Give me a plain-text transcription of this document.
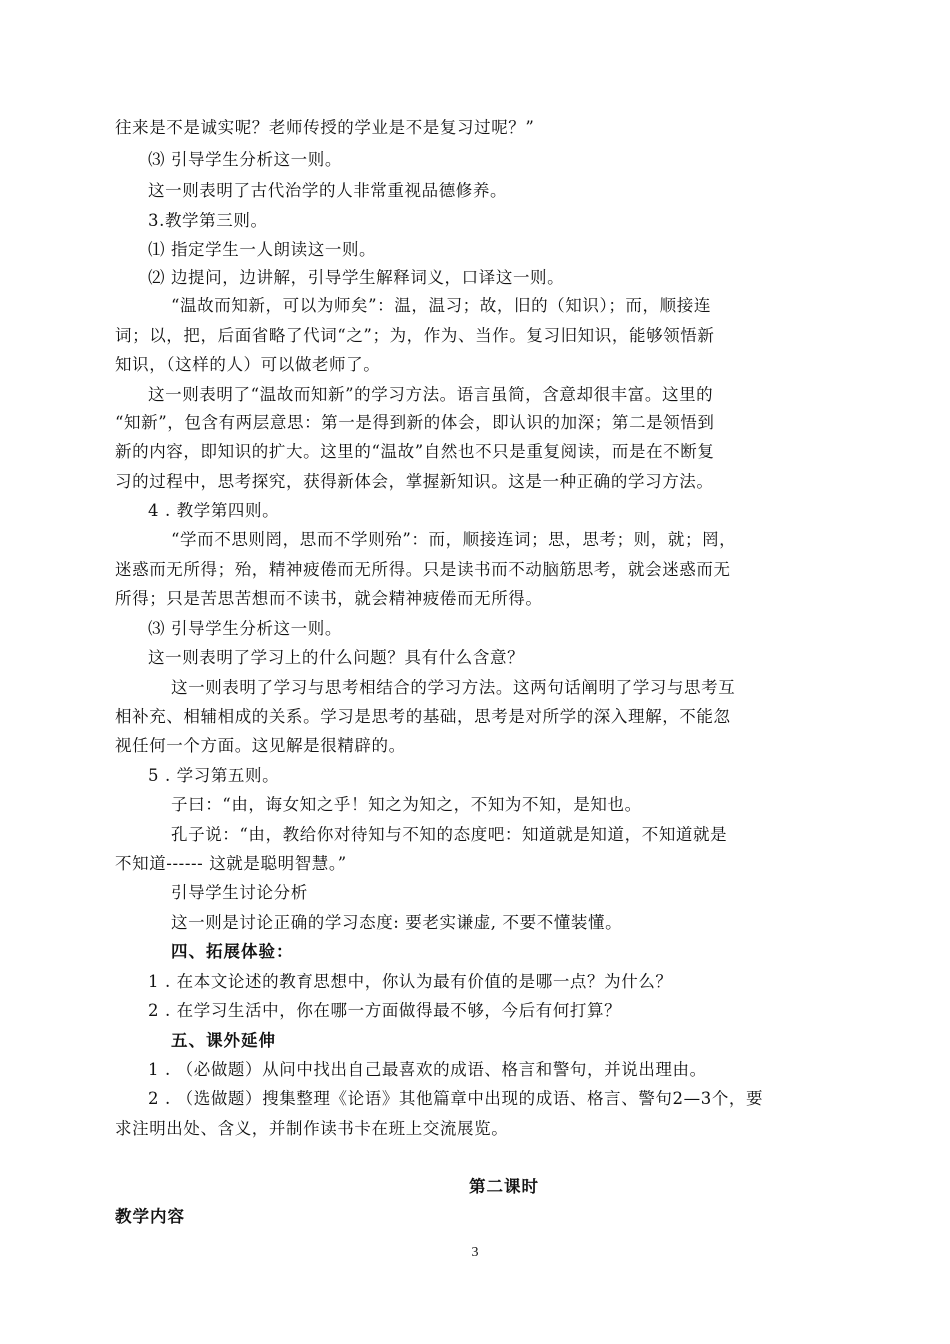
往来是不是诚实呢？老师传授的学业是不是复习过呢？”
⑶ 引导学生分析这一则。
这一则表明了古代治学的人非常重视品德修养。
3.教学第三则。
⑴ 指定学生一人朗读这一则。
⑵ 边提问，边讲解，引导学生解释词义，口译这一则。
“温故而知新，可以为师矣”：温，温习；故，旧的（知识）；而，顺接连
词；以，把，后面省略了代词“之”；为，作为、当作。复习旧知识，能够领悟新
知识，（这样的人）可以做老师了。
这一则表明了“温故而知新”的学习方法。语言虽简，含意却很丰富。这里的
“知新”，包含有两层意思：第一是得到新的体会，即认识的加深；第二是领悟到
新的内容，即知识的扩大。这里的“温故”自然也不只是重复阅读，而是在不断复
习的过程中，思考探究，获得新体会，掌握新知识。这是一种正确的学习方法。
4 . 教学第四则。
“学而不思则罔，思而不学则殆”：而，顺接连词；思，思考；则，就；罔，
迷惑而无所得；殆，精神疲倦而无所得。只是读书而不动脑筋思考，就会迷惑而无
所得；只是苦思苦想而不读书，就会精神疲倦而无所得。
⑶ 引导学生分析这一则。
这一则表明了学习上的什么问题？具有什么含意？
这一则表明了学习与思考相结合的学习方法。这两句话阐明了学习与思考互
相补充、相辅相成的关系。学习是思考的基础，思考是对所学的深入理解，不能忽
视任何一个方面。这见解是很精辟的。
5 . 学习第五则。
子曰：“由，诲女知之乎！知之为知之，不知为不知，是知也。
孔子说：“由，教给你对待知与不知的态度吧：知道就是知道，不知道就是
不知道------ 这就是聪明智慧。”
引导学生讨论分析
这一则是讨论正确的学习态度: 要老实谦虚, 不要不懂装懂。
四、拓展体验：
1 . 在本文论述的教育思想中，你认为最有价值的是哪一点？为什么？
2 . 在学习生活中，你在哪一方面做得最不够，今后有何打算？
五、课外延伸
1 . （必做题）从问中找出自己最喜欢的成语、格言和警句，并说出理由。
2 . （选做题）搜集整理《论语》其他篇章中出现的成语、格言、警句2—3个，要
求注明出处、含义，并制作读书卡在班上交流展览。
第二课时
教学内容
3
